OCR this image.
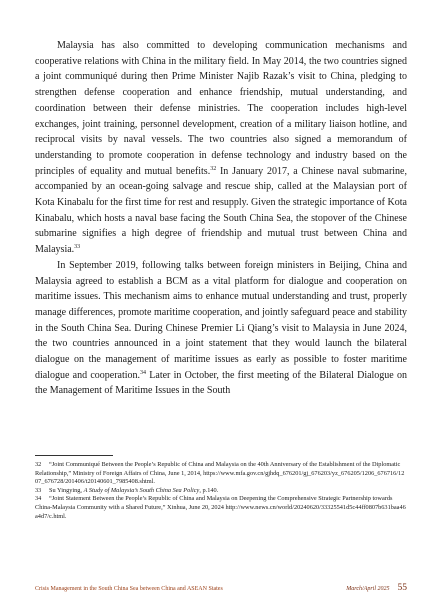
Malaysia has also committed to developing communication mechanisms and cooperative relations with China in the military field. In May 2014, the two countries signed a joint communiqué during then Prime Minister Najib Razak’s visit to China, pledging to strengthen defense cooperation and enhance friendship, mutual understanding, and coordination between their defense ministries. The cooperation includes high-level exchanges, joint training, personnel development, creation of a military liaison hotline, and reciprocal visits by naval vessels. The two countries also signed a memorandum of understanding to promote cooperation in defense technology and industry based on the principles of equality and mutual benefits.$^{32}$ In January 2017, a Chinese naval submarine, accompanied by an ocean-going salvage and rescue ship, called at the Malaysian port of Kota Kinabalu for the first time for rest and resupply. Given the strategic importance of Kota Kinabalu, which hosts a naval base facing the South China Sea, the stopover of the Chinese submarine signifies a high degree of friendship and mutual trust between China and Malaysia.$^{33}$

In September 2019, following talks between foreign ministers in Beijing, China and Malaysia agreed to establish a BCM as a vital platform for dialogue and cooperation on maritime issues. This mechanism aims to enhance mutual understanding and trust, properly manage differences, promote maritime cooperation, and jointly safeguard peace and stability in the South China Sea. During Chinese Premier Li Qiang’s visit to Malaysia in June 2024, the two countries announced in a joint statement that they would launch the bilateral dialogue on the management of maritime issues as early as possible to foster maritime dialogue and cooperation.$^{34}$ Later in October, the first meeting of the Bilateral Dialogue on the Management of Maritime Issues in the South

32 “Joint Communiqué Between the People’s Republic of China and Malaysia on the 40th Anniversary of the Establishment of the Diplomatic Relationship,” Ministry of Foreign Affairs of China, June 1, 2014, https://www.mfa.gov.cn/gjhdq_676201/gj_676203/yz_676205/1206_676716/1207_676728/201406/t20140601_7985408.shtml.

33 Su Yingying, A Study of Malaysia’s South China Sea Policy, p.140.

34 “Joint Statement Between the People’s Republic of China and Malaysia on Deepening the Comprehensive Strategic Partnership towards China-Malaysia Community with a Shared Future,” Xinhua, June 20, 2024 http://www.news.cn/world/20240620/33325541d5c44ff0807b631baa46a4d7/c.html.

Crisis Management in the South China Sea between China and ASEAN States	March/April 2025 55
